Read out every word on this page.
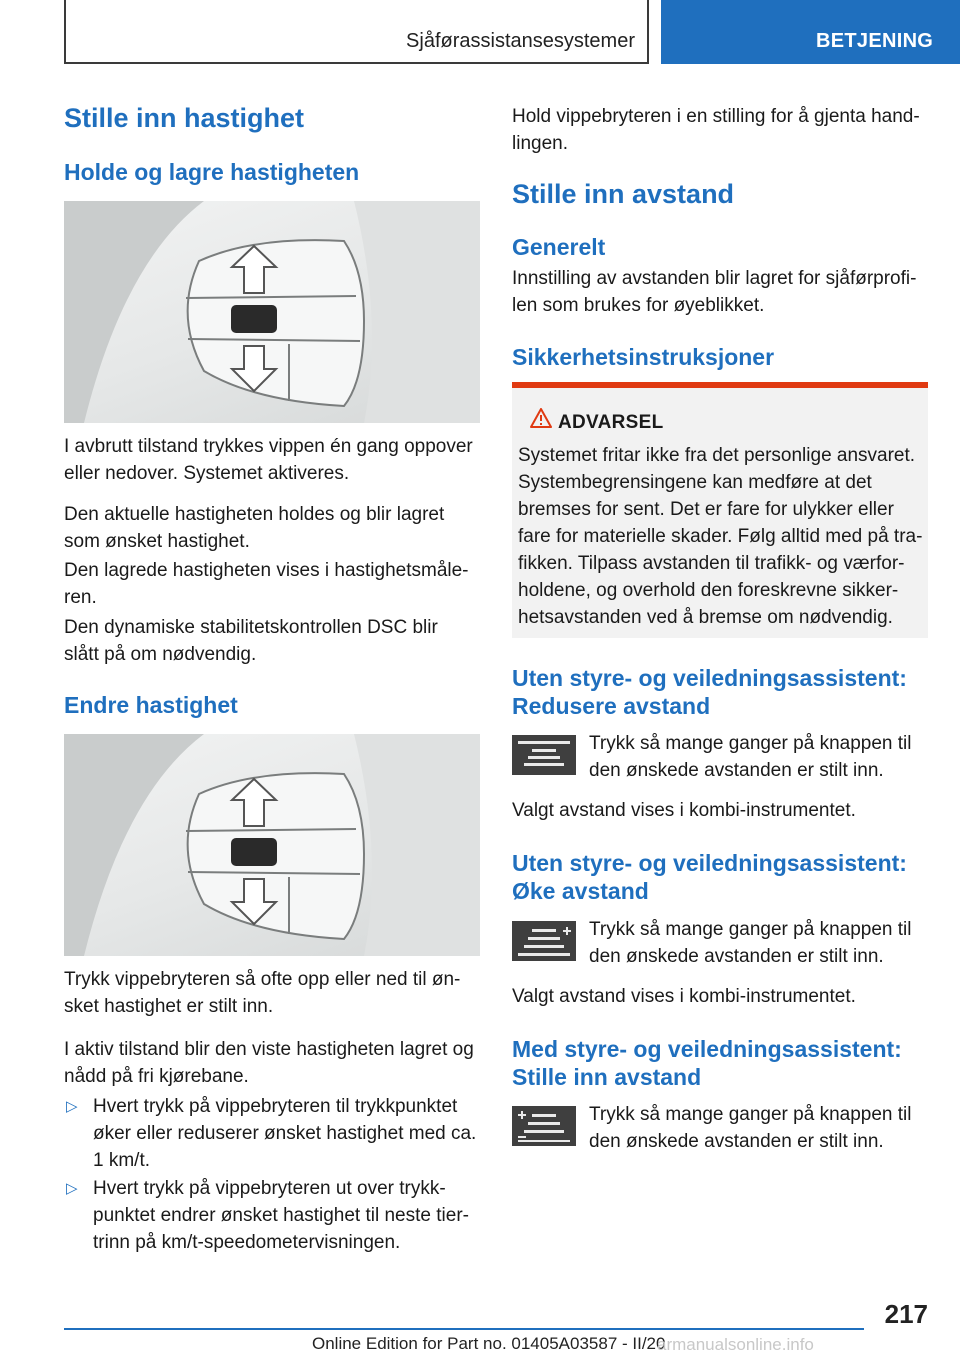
Sjåførassistansesystemer	BETJENING
Stille inn hastighet
Holde og lagre hastigheten
I avbrutt tilstand trykkes vippen én gang oppover
eller nedover. Systemet aktiveres.
Den aktuelle hastigheten holdes og blir lagret
som ønsket hastighet.
Den lagrede hastigheten vises i hastighetsmåle-
ren.
Den dynamiske stabilitetskontrollen DSC blir
slått på om nødvendig.
Endre hastighet
Trykk vippebryteren så ofte opp eller ned til øn-
sket hastighet er stilt inn.
I aktiv tilstand blir den viste hastigheten lagret og
nådd på fri kjørebane.
▷ Hvert trykk på vippebryteren til trykkpunktet
øker eller reduserer ønsket hastighet med ca.
1 km/t.
▷ Hvert trykk på vippebryteren ut over trykk-
punktet endrer ønsket hastighet til neste tier-
trinn på km/t-speedometervisningen.
Hold vippebryteren i en stilling for å gjenta hand-
lingen.
Stille inn avstand
Generelt
Innstilling av avstanden blir lagret for sjåførprofi-
len som brukes for øyeblikket.
Sikkerhetsinstruksjoner
ADVARSEL
Systemet fritar ikke fra det personlige ansvaret.
Systembegrensingene kan medføre at det
bremses for sent. Det er fare for ulykker eller
fare for materielle skader. Følg alltid med på tra-
fikken. Tilpass avstanden til trafikk- og værfor-
holdene, og overhold den foreskrevne sikker-
hetsavstanden ved å bremse om nødvendig.
Uten styre- og veiledningsassistent:
Redusere avstand
Trykk så mange ganger på knappen til
den ønskede avstanden er stilt inn.
Valgt avstand vises i kombi-instrumentet.
Uten styre- og veiledningsassistent:
Øke avstand
Trykk så mange ganger på knappen til
den ønskede avstanden er stilt inn.
Valgt avstand vises i kombi-instrumentet.
Med styre- og veiledningsassistent:
Stille inn avstand
Trykk så mange ganger på knappen til
den ønskede avstanden er stilt inn.
217
Online Edition for Part no. 01405A03587 - II/20
armanualsonline.info
